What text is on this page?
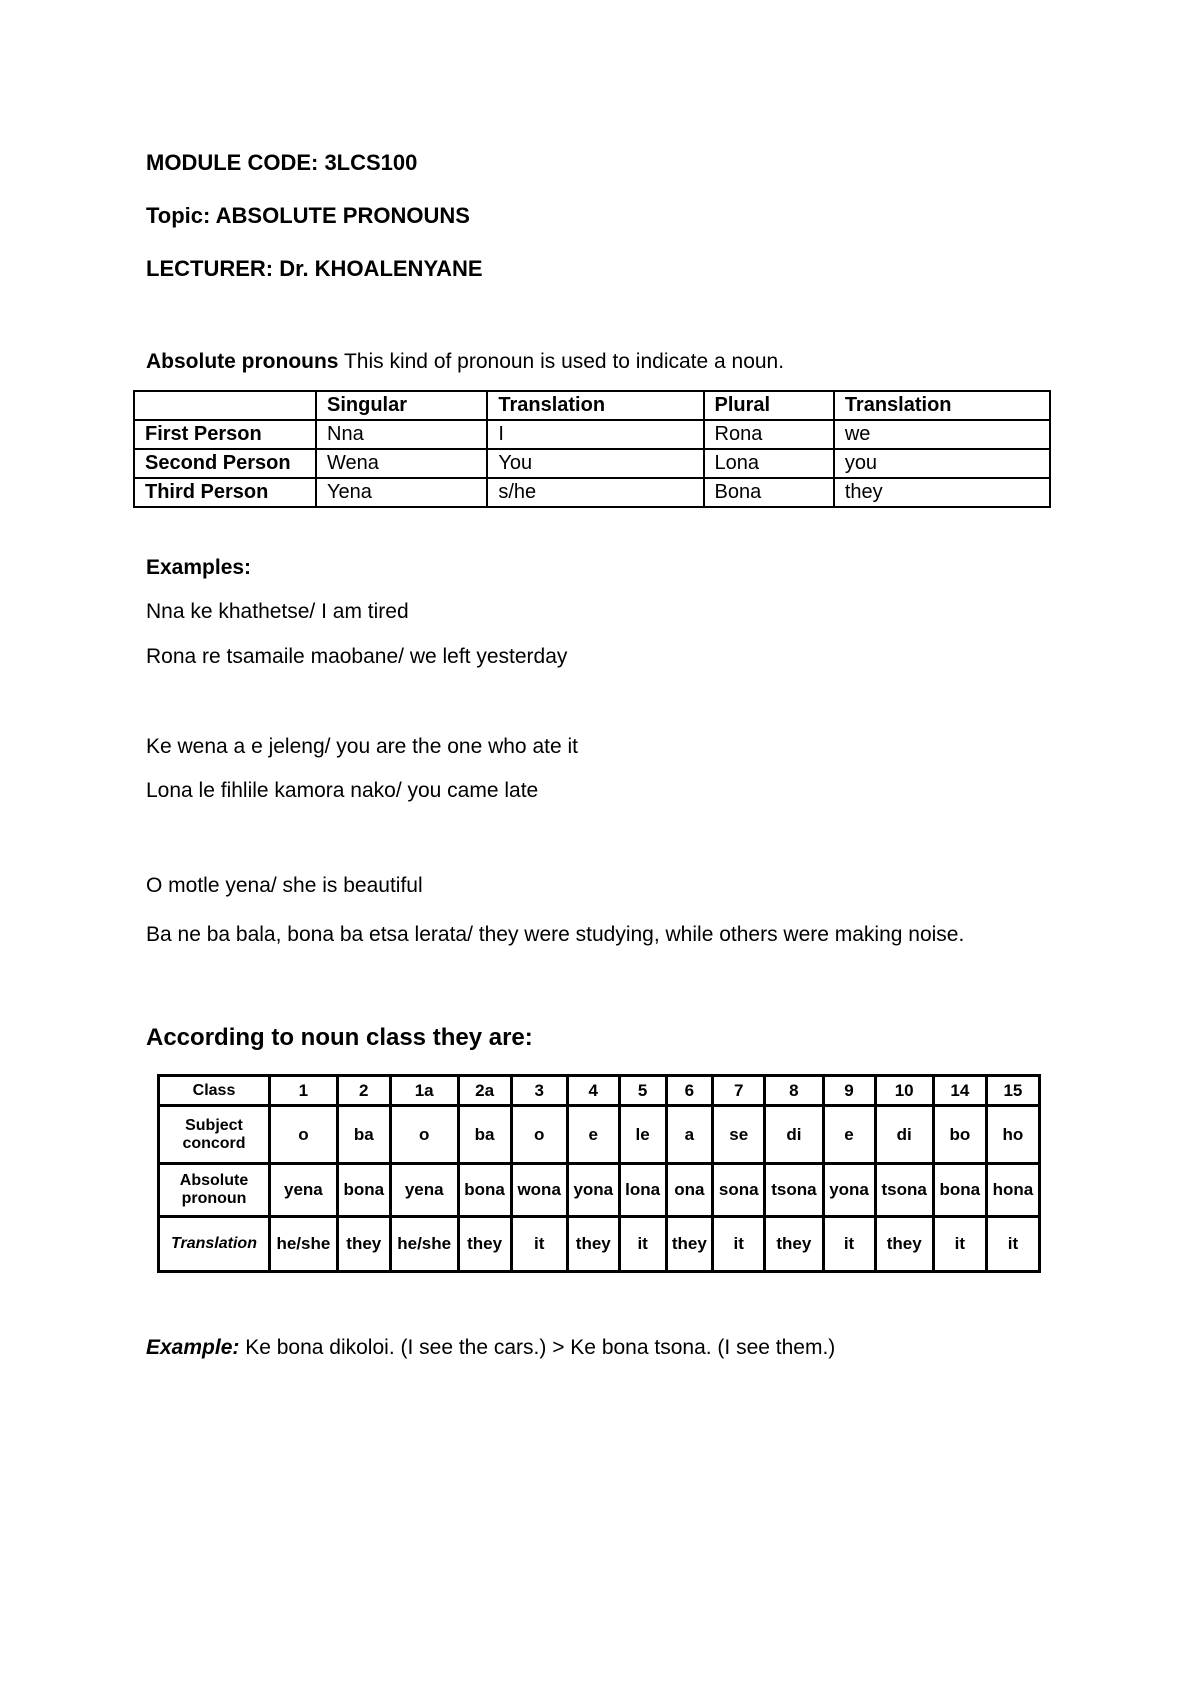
MODULE CODE: 3LCS100
Topic: ABSOLUTE PRONOUNS
LECTURER: Dr. KHOALENYANE
Absolute pronouns This kind of pronoun is used to indicate a noun.
	Singular	Translation	Plural	Translation
First Person	Nna	I	Rona	we
Second Person	Wena	You	Lona	you
Third Person	Yena	s/he	Bona	they
Examples:
Nna ke khathetse/ I am tired
Rona re tsamaile maobane/ we left yesterday
Ke wena a e jeleng/ you are the one who ate it
Lona le fihlile kamora nako/ you came late
O motle yena/ she is beautiful
Ba ne ba bala, bona ba etsa lerata/ they were studying, while others were making noise.
According to noun class they are:
Class	1	2	1a	2a	3	4	5	6	7	8	9	10	14	15
Subject concord	o	ba	o	ba	o	e	le	a	se	di	e	di	bo	ho
Absolute pronoun	yena	bona	yena	bona	wona	yona	lona	ona	sona	tsona	yona	tsona	bona	hona
Translation	he/she	they	he/she	they	it	they	it	they	it	they	it	they	it	it
Example: Ke bona dikoloi. (I see the cars.) > Ke bona tsona. (I see them.)
